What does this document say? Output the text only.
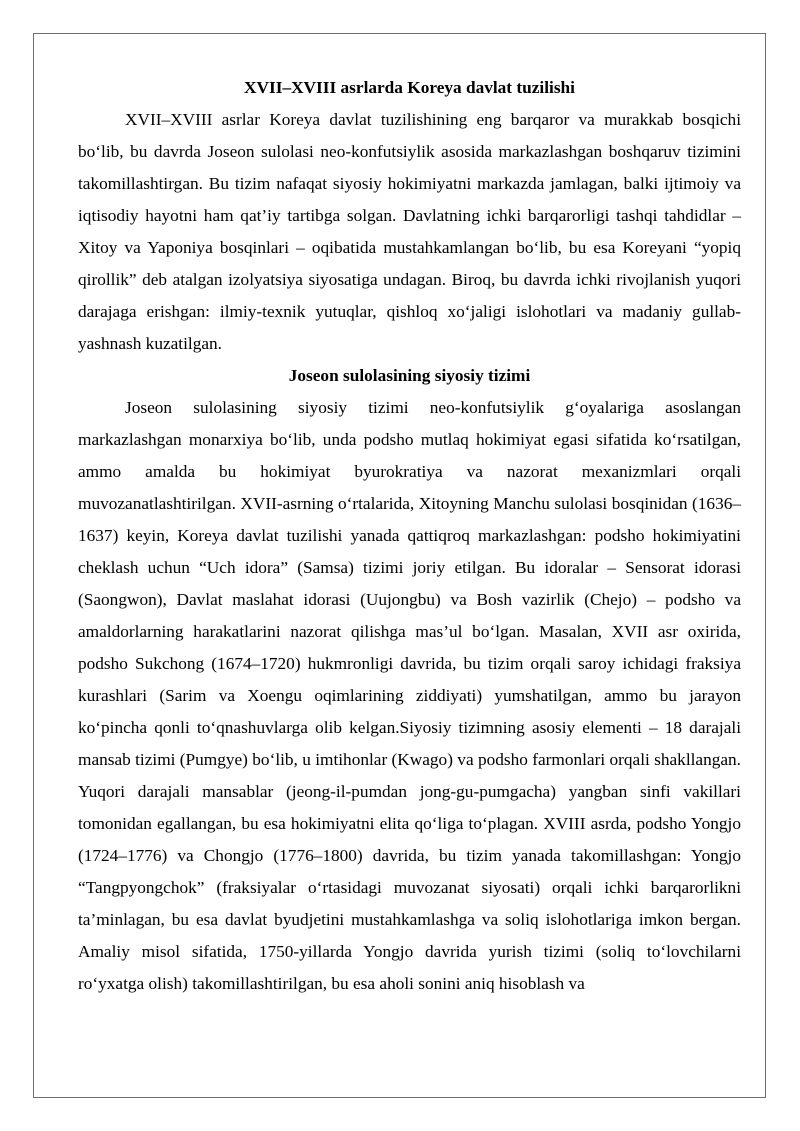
XVII–XVIII asrlarda Koreya davlat tuzilishi

XVII–XVIII asrlar Koreya davlat tuzilishining eng barqaror va murakkab bosqichi bo‘lib, bu davrda Joseon sulolasi neo-konfutsiylik asosida markazlashgan boshqaruv tizimini takomillashtirgan. Bu tizim nafaqat siyosiy hokimiyatni markazda jamlagan, balki ijtimoiy va iqtisodiy hayotni ham qat’iy tartibga solgan. Davlatning ichki barqarorligi tashqi tahdidlar – Xitoy va Yaponiya bosqinlari – oqibatida mustahkamlangan bo‘lib, bu esa Koreyani “yopiq qirollik” deb atalgan izolyatsiya siyosatiga undagan. Biroq, bu davrda ichki rivojlanish yuqori darajaga erishgan: ilmiy-texnik yutuqlar, qishloq xo‘jaligi islohotlari va madaniy gullab-yashnash kuzatilgan.

Joseon sulolasining siyosiy tizimi

Joseon sulolasining siyosiy tizimi neo-konfutsiylik g‘oyalariga asoslangan markazlashgan monarxiya bo‘lib, unda podsho mutlaq hokimiyat egasi sifatida ko‘rsatilgan, ammo amalda bu hokimiyat byurokratiya va nazorat mexanizmlari orqali muvozanatlashtirilgan. XVII-asrning o‘rtalarida, Xitoyning Manchu sulolasi bosqinidan (1636–1637) keyin, Koreya davlat tuzilishi yanada qattiqroq markazlashgan: podsho hokimiyatini cheklash uchun “Uch idora” (Samsa) tizimi joriy etilgan. Bu idoralar – Sensorat idorasi (Saongwon), Davlat maslahat idorasi (Uujongbu) va Bosh vazirlik (Chejo) – podsho va amaldorlarning harakatlarini nazorat qilishga mas’ul bo‘lgan. Masalan, XVII asr oxirida, podsho Sukchong (1674–1720) hukmronligi davrida, bu tizim orqali saroy ichidagi fraksiya kurashlari (Sarim va Xoengu oqimlarining ziddiyati) yumshatilgan, ammo bu jarayon ko‘pincha qonli to‘qnashuvlarga olib kelgan.Siyosiy tizimning asosiy elementi – 18 darajali mansab tizimi (Pumgye) bo‘lib, u imtihonlar (Kwago) va podsho farmonlari orqali shakllangan. Yuqori darajali mansablar (jeong-il-pumdan jong-gu-pumgacha) yangban sinfi vakillari tomonidan egallangan, bu esa hokimiyatni elita qo‘liga to‘plagan. XVIII asrda, podsho Yongjo (1724–1776) va Chongjo (1776–1800) davrida, bu tizim yanada takomillashgan: Yongjo “Tangpyongchok” (fraksiyalar o‘rtasidagi muvozanat siyosati) orqali ichki barqarorlikni ta’minlagan, bu esa davlat byudjetini mustahkamlashga va soliq islohotlariga imkon bergan. Amaliy misol sifatida, 1750-yillarda Yongjo davrida yurish tizimi (soliq to‘lovchilarni ro‘yxatga olish) takomillashtirilgan, bu esa aholi sonini aniq hisoblash va
